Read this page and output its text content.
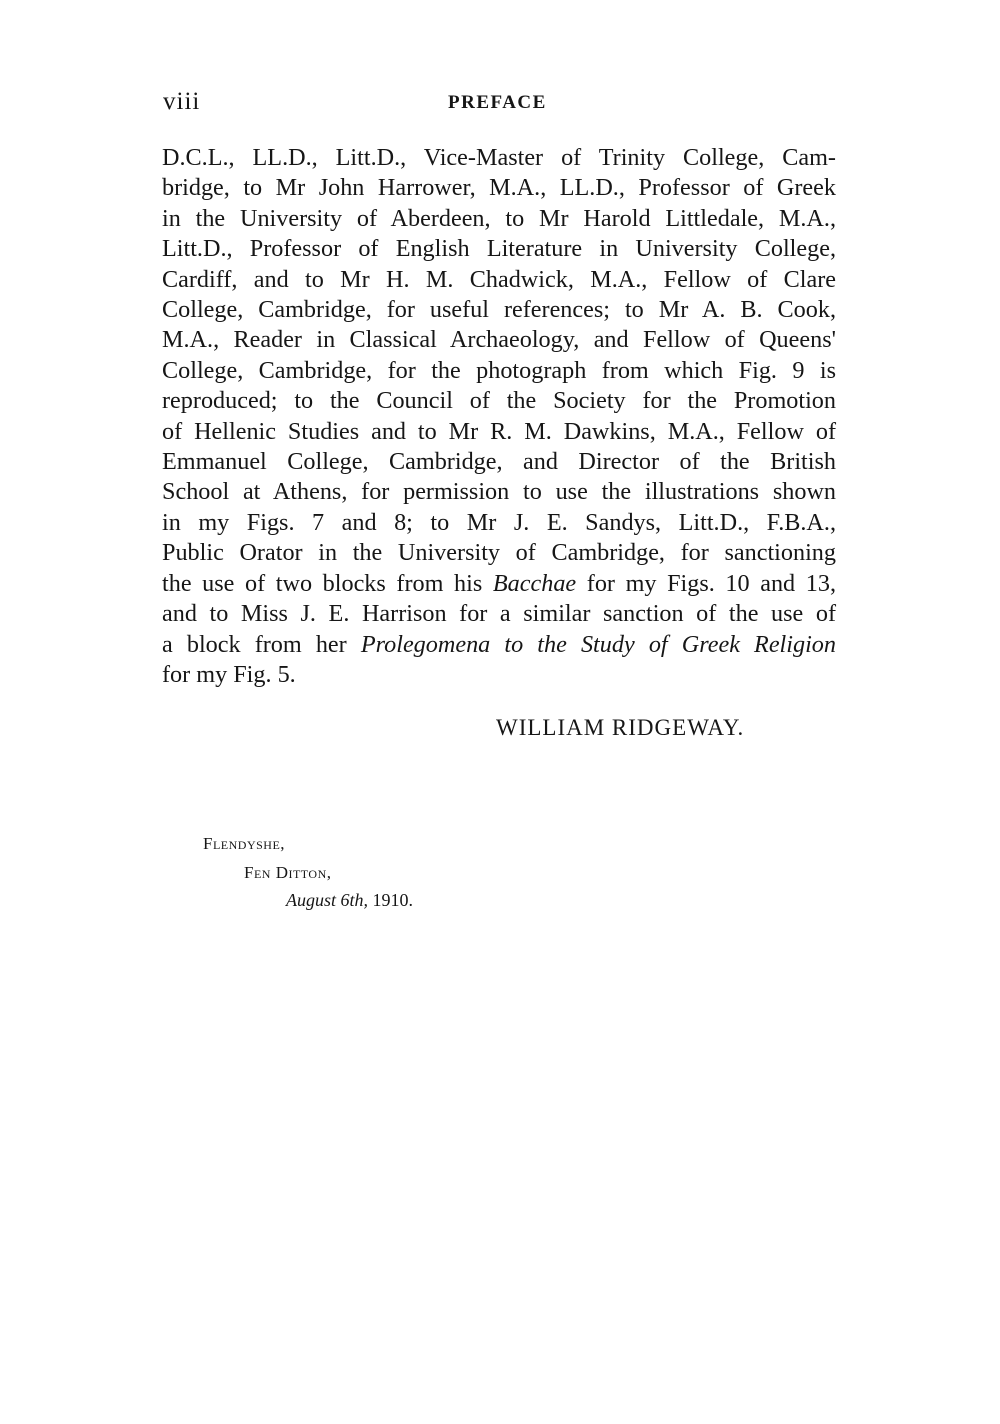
viii	PREFACE
D.C.L., LL.D., Litt.D., Vice-Master of Trinity College, Cam-
bridge, to Mr John Harrower, M.A., LL.D., Professor of Greek
in the University of Aberdeen, to Mr Harold Littledale, M.A.,
Litt.D., Professor of English Literature in University College,
Cardiff, and to Mr H. M. Chadwick, M.A., Fellow of Clare
College, Cambridge, for useful references; to Mr A. B. Cook,
M.A., Reader in Classical Archaeology, and Fellow of Queens'
College, Cambridge, for the photograph from which Fig. 9 is
reproduced; to the Council of the Society for the Promotion
of Hellenic Studies and to Mr R. M. Dawkins, M.A., Fellow of
Emmanuel College, Cambridge, and Director of the British
School at Athens, for permission to use the illustrations shown
in my Figs. 7 and 8; to Mr J. E. Sandys, Litt.D., F.B.A.,
Public Orator in the University of Cambridge, for sanctioning
the use of two blocks from his Bacchae for my Figs. 10 and 13,
and to Miss J. E. Harrison for a similar sanction of the use of
a block from her Prolegomena to the Study of Greek Religion
for my Fig. 5.
WILLIAM RIDGEWAY.
Flendyshe,
Fen Ditton,
August 6th, 1910.
